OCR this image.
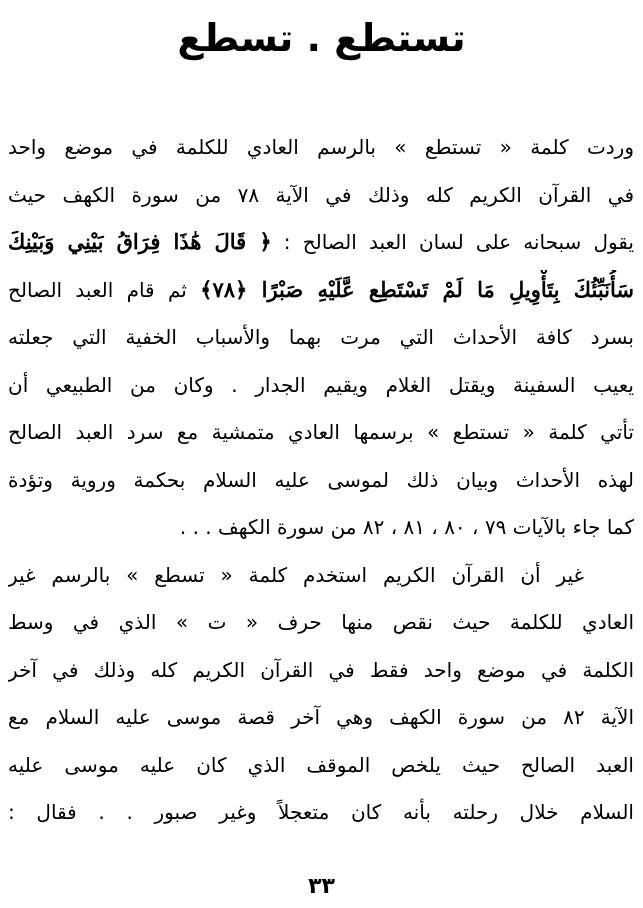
تستطع . تسطع
وردت كلمة « تستطع » بالرسم العادي للكلمة في موضع واحد
في القرآن الكريم كله وذلك في الآية ٧٨ من سورة الكهف حيث
يقول سبحانه على لسان العبد الصالح : ﴿ قَالَ هَٰذَا فِرَاقُ بَيْنِي وَبَيْنِكَ
سَأُنَبِّئُكَ بِتَأْوِيلِ مَا لَمْ تَسْتَطِع عَّلَيْهِ صَبْرًا ﴿٧٨﴾ ثم قام العبد الصالح
بسرد كافة الأحداث التي مرت بهما والأسباب الخفية التي جعلته
يعيب السفينة ويقتل الغلام ويقيم الجدار . وكان من الطبيعي أن
تأتي كلمة « تستطع » برسمها العادي متمشية مع سرد العبد الصالح
لهذه الأحداث وبيان ذلك لموسى عليه السلام بحكمة وروية وتؤدة
كما جاء بالآيات ٧٩ ، ٨٠ ، ٨١ ، ٨٢ من سورة الكهف . . .
غير أن القرآن الكريم استخدم كلمة « تسطع » بالرسم غير
العادي للكلمة حيث نقص منها حرف « ت » الذي في وسط
الكلمة في موضع واحد فقط في القرآن الكريم كله وذلك في آخر
الآية ٨٢ من سورة الكهف وهي آخر قصة موسى عليه السلام مع
العبد الصالح حيث يلخص الموقف الذي كان عليه موسى عليه
السلام خلال رحلته بأنه كان متعجلاً وغير صبور . . فقال :
٣٣
